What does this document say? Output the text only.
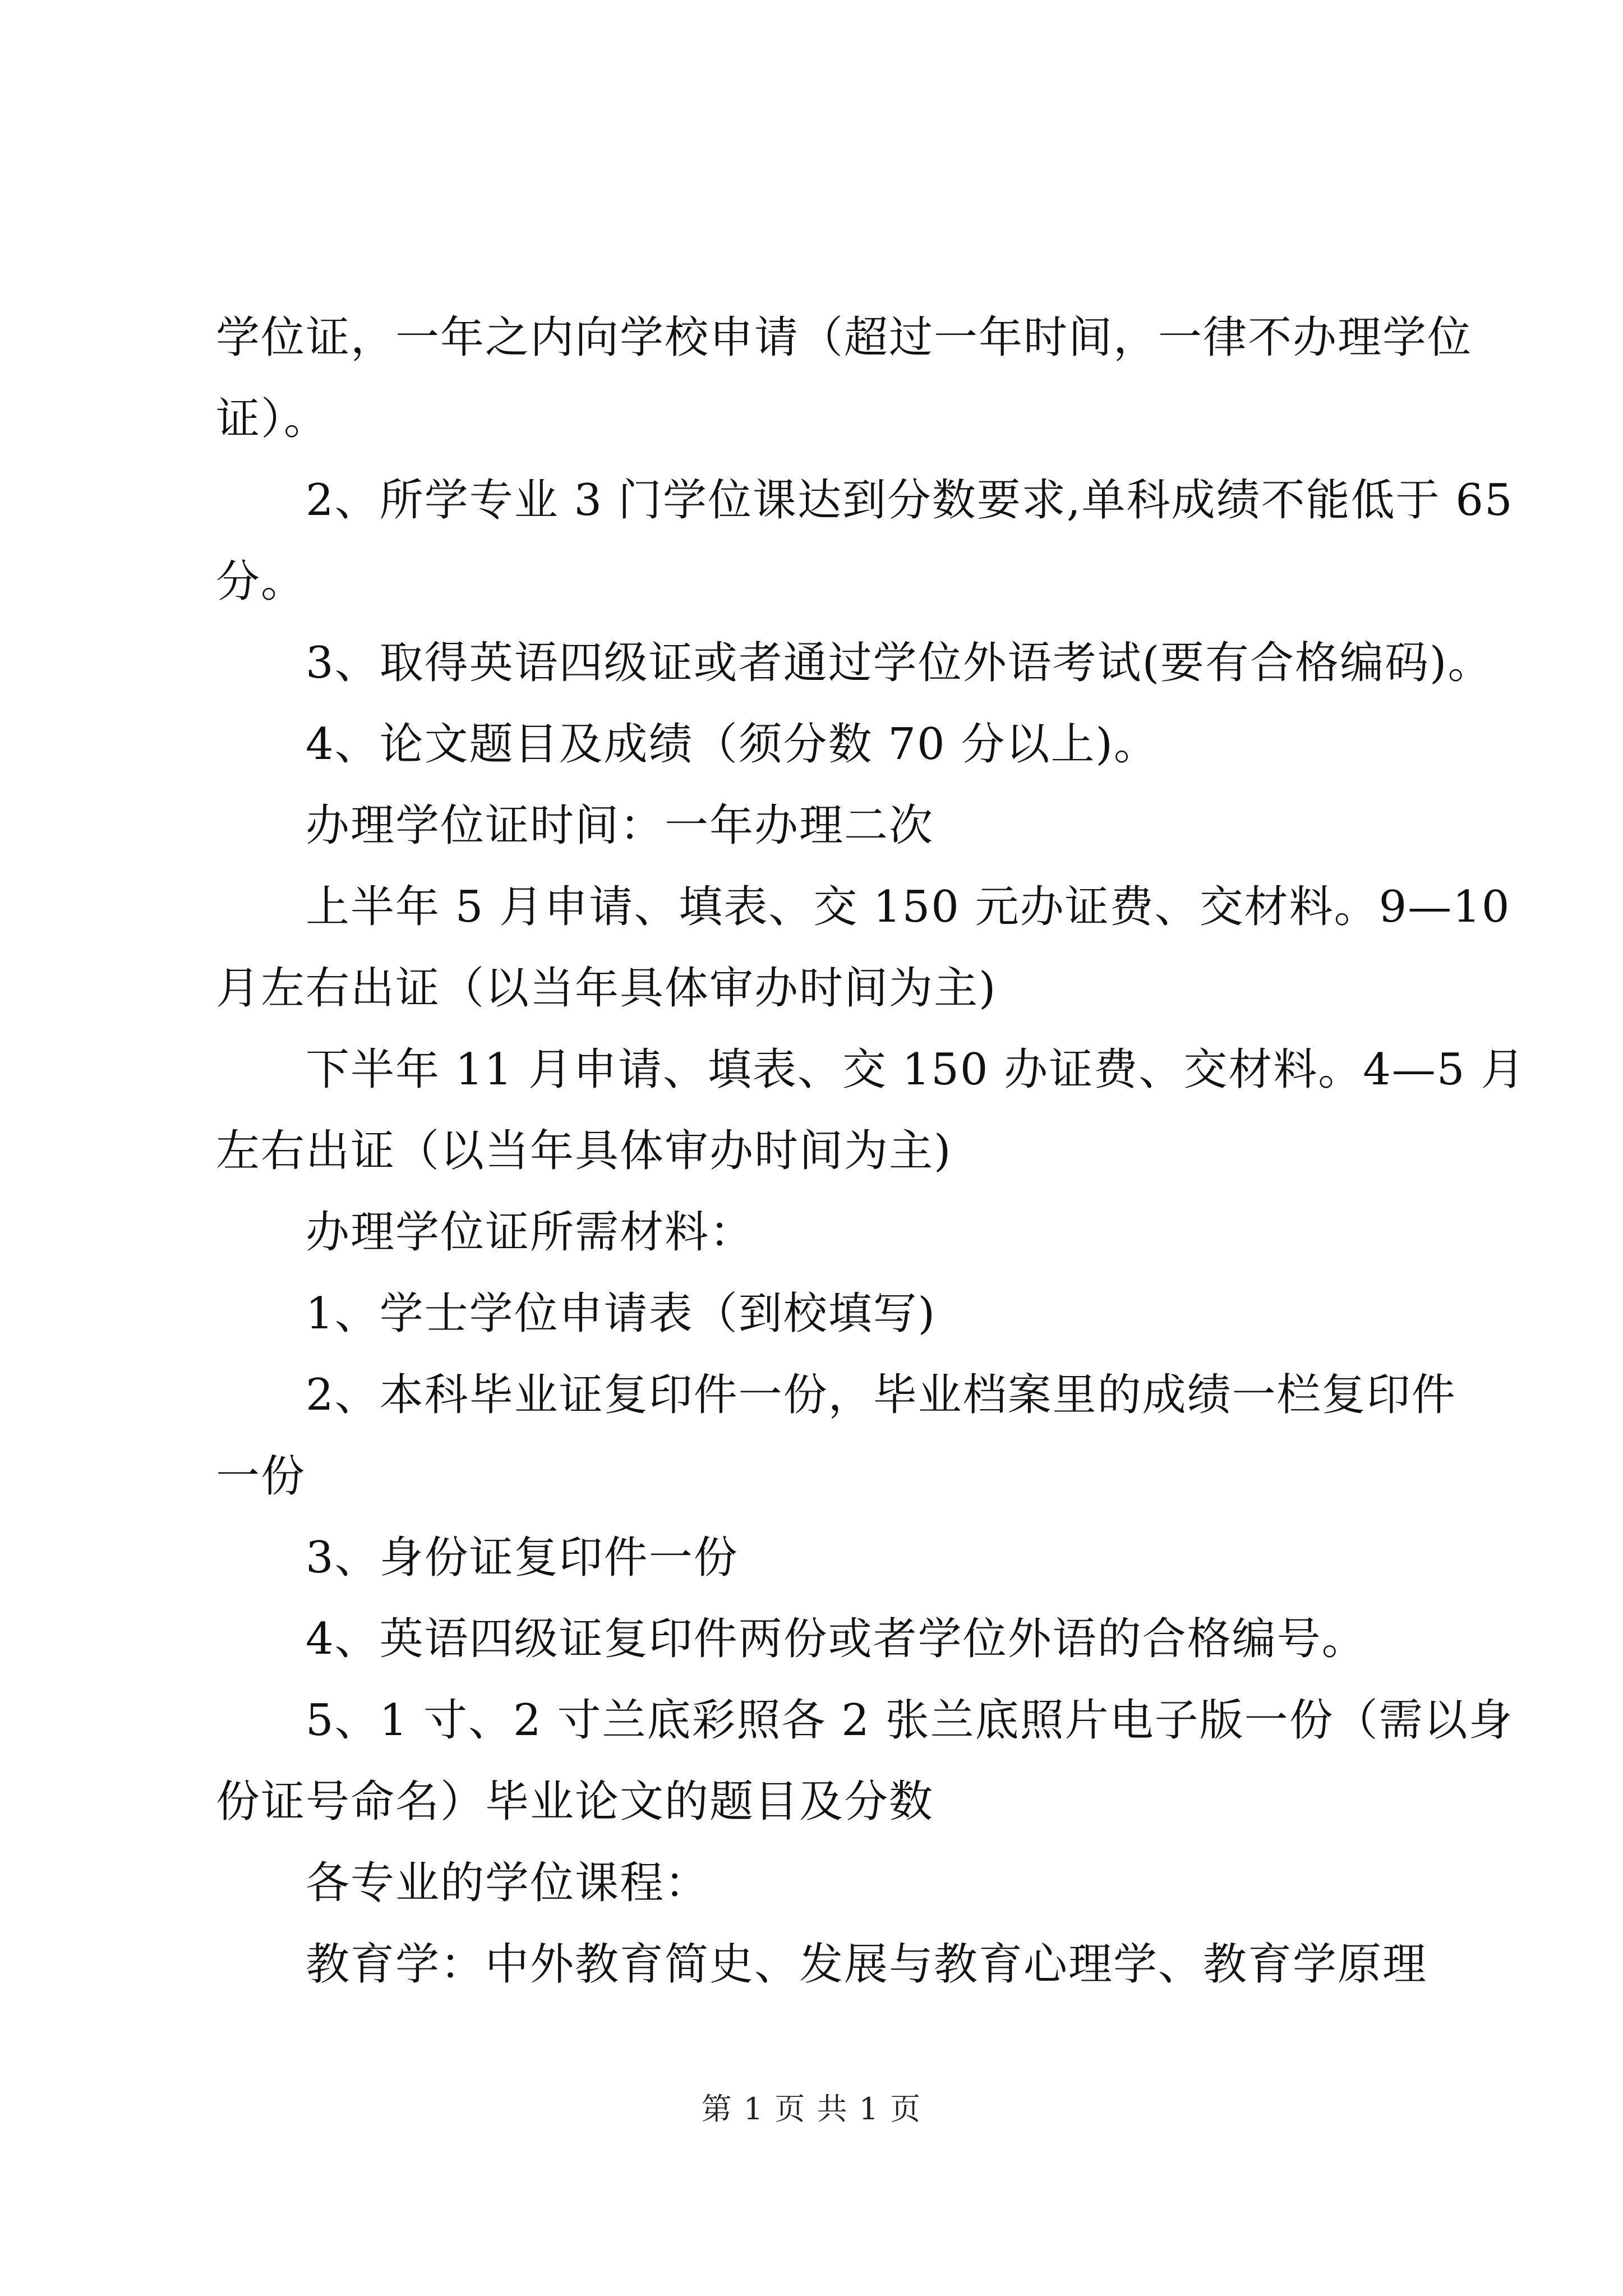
学位证，一年之内向学校申请（超过一年时间，一律不办理学位
证）。
2、所学专业 3 门学位课达到分数要求,单科成绩不能低于 65
分。
3、取得英语四级证或者通过学位外语考试(要有合格编码)。
4、论文题目及成绩（须分数 70 分以上)。
办理学位证时间：一年办理二次
上半年 5 月申请、填表、交 150 元办证费、交材料。9—10
月左右出证（以当年具体审办时间为主)
下半年 11 月申请、填表、交 150 办证费、交材料。4—5 月
左右出证（以当年具体审办时间为主)
办理学位证所需材料：
1、学士学位申请表（到校填写)
2、本科毕业证复印件一份，毕业档案里的成绩一栏复印件
一份
3、身份证复印件一份
4、英语四级证复印件两份或者学位外语的合格编号。
5、1 寸、2 寸兰底彩照各 2 张兰底照片电子版一份（需以身
份证号命名）毕业论文的题目及分数
各专业的学位课程：
教育学：中外教育简史、发展与教育心理学、教育学原理
第 1 页 共 1 页
